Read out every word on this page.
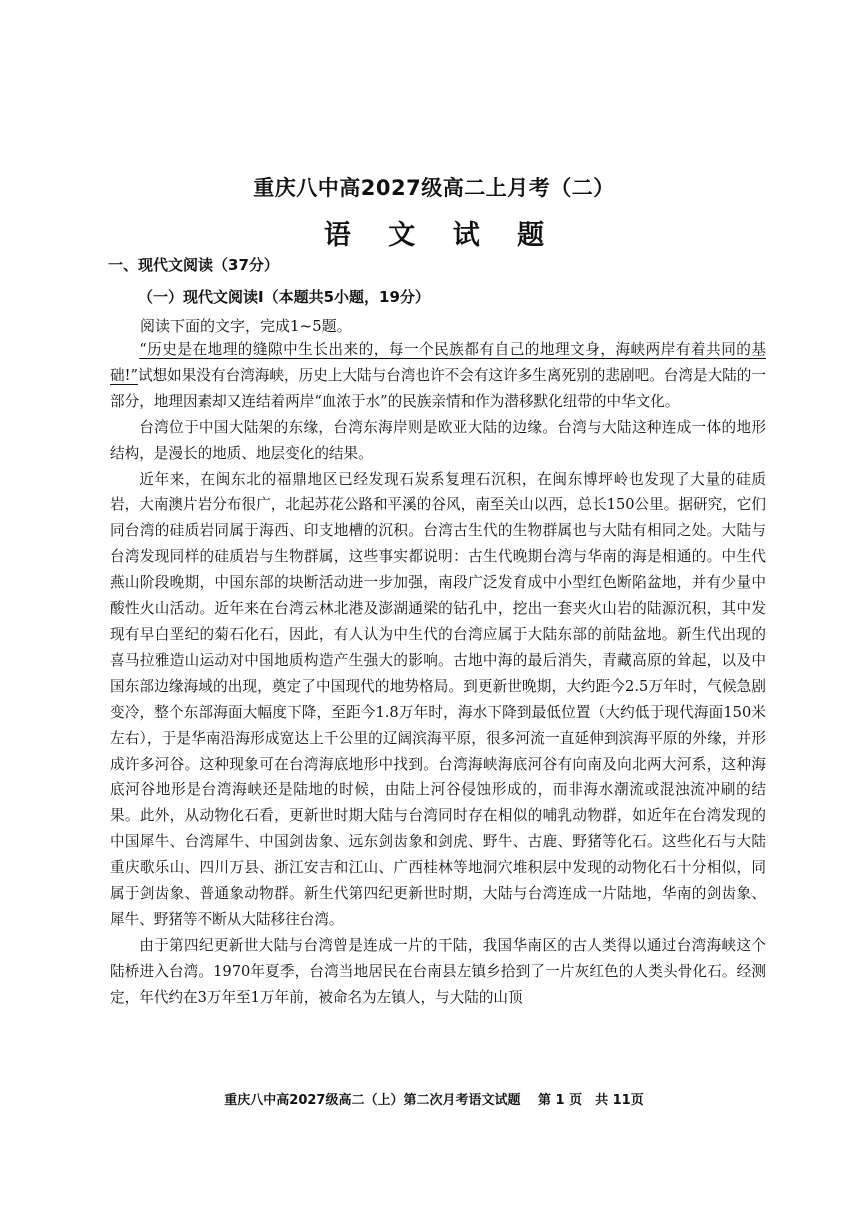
重庆八中高2027级高二上月考（二）
语 文 试 题
一、现代文阅读（37分）
（一）现代文阅读Ⅰ（本题共5小题，19分）
阅读下面的文字，完成1~5题。

“历史是在地理的缝隙中生长出来的，每一个民族都有自己的地理文身，海峡两岸有着共同的基础!”试想如果没有台湾海峡，历史上大陆与台湾也许不会有这许多生离死别的悲剧吧。台湾是大陆的一部分，地理因素却又连结着两岸“血浓于水”的民族亲情和作为潜移默化纽带的中华文化。

台湾位于中国大陆架的东缘，台湾东海岸则是欧亚大陆的边缘。台湾与大陆这种连成一体的地形结构，是漫长的地质、地层变化的结果。

近年来，在闽东北的福鼎地区已经发现石炭系复理石沉积，在闽东博坪岭也发现了大量的硅质岩，大南澳片岩分布很广，北起苏花公路和平溪的谷风，南至关山以西，总长150公里。据研究，它们同台湾的硅质岩同属于海西、印支地槽的沉积。台湾古生代的生物群属也与大陆有相同之处。大陆与台湾发现同样的硅质岩与生物群属，这些事实都说明：古生代晚期台湾与华南的海是相通的。中生代燕山阶段晚期，中国东部的块断活动进一步加强，南段广泛发育成中小型红色断陷盆地，并有少量中酸性火山活动。近年来在台湾云林北港及澎湖通梁的钻孔中，挖出一套夹火山岩的陆源沉积，其中发现有早白垩纪的菊石化石，因此，有人认为中生代的台湾应属于大陆东部的前陆盆地。新生代出现的喜马拉雅造山运动对中国地质构造产生强大的影响。古地中海的最后消失，青藏高原的耸起，以及中国东部边缘海域的出现，奠定了中国现代的地势格局。到更新世晚期，大约距今2.5万年时，气候急剧变冷，整个东部海面大幅度下降，至距今1.8万年时，海水下降到最低位置（大约低于现代海面150米左右），于是华南沿海形成宽达上千公里的辽阔滨海平原，很多河流一直延伸到滨海平原的外缘，并形成许多河谷。这种现象可在台湾海底地形中找到。台湾海峡海底河谷有向南及向北两大河系，这种海底河谷地形是台湾海峡还是陆地的时候，由陆上河谷侵蚀形成的，而非海水潮流或混浊流冲刷的结果。此外，从动物化石看，更新世时期大陆与台湾同时存在相似的哺乳动物群，如近年在台湾发现的中国犀牛、台湾犀牛、中国剑齿象、远东剑齿象和剑虎、野牛、古鹿、野猪等化石。这些化石与大陆重庆歌乐山、四川万县、浙江安吉和江山、广西桂林等地洞穴堆积层中发现的动物化石十分相似，同属于剑齿象、普通象动物群。新生代第四纪更新世时期，大陆与台湾连成一片陆地，华南的剑齿象、犀牛、野猪等不断从大陆移往台湾。

由于第四纪更新世大陆与台湾曾是连成一片的干陆，我国华南区的古人类得以通过台湾海峡这个陆桥进入台湾。1970年夏季，台湾当地居民在台南县左镇乡拾到了一片灰红色的人类头骨化石。经测定，年代约在3万年至1万年前，被命名为左镇人，与大陆的山顶

重庆八中高2027级高二（上）第二次月考语文试题　 第 1 页　共 11页
